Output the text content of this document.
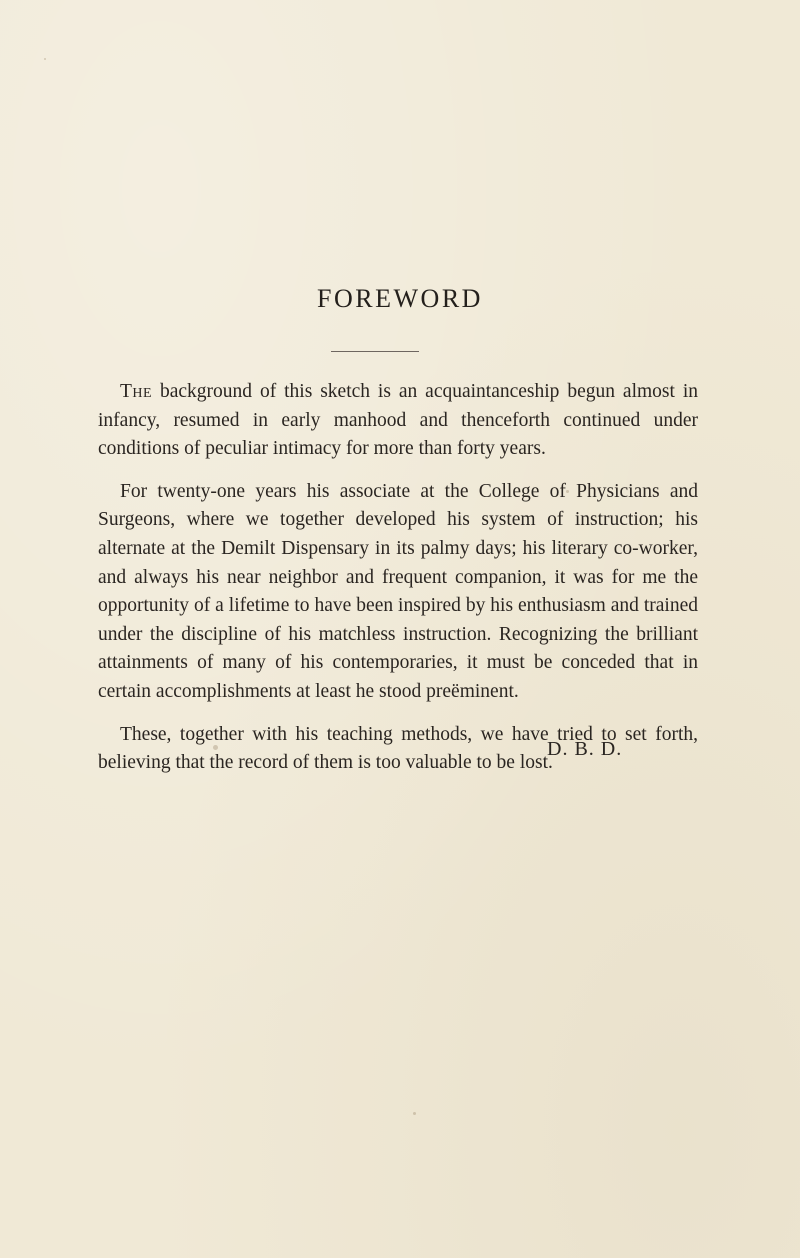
FOREWORD

The background of this sketch is an acquaintanceship begun almost in infancy, resumed in early manhood and thenceforth continued under conditions of peculiar intimacy for more than forty years.

For twenty-one years his associate at the College of Physicians and Surgeons, where we together developed his system of instruction; his alternate at the Demilt Dispensary in its palmy days; his literary co-worker, and always his near neighbor and frequent companion, it was for me the opportunity of a lifetime to have been inspired by his enthusiasm and trained under the discipline of his matchless instruction. Recognizing the brilliant attainments of many of his contemporaries, it must be conceded that in certain accomplishments at least he stood preëminent.

These, together with his teaching methods, we have tried to set forth, believing that the record of them is too valuable to be lost.

D. B. D.
